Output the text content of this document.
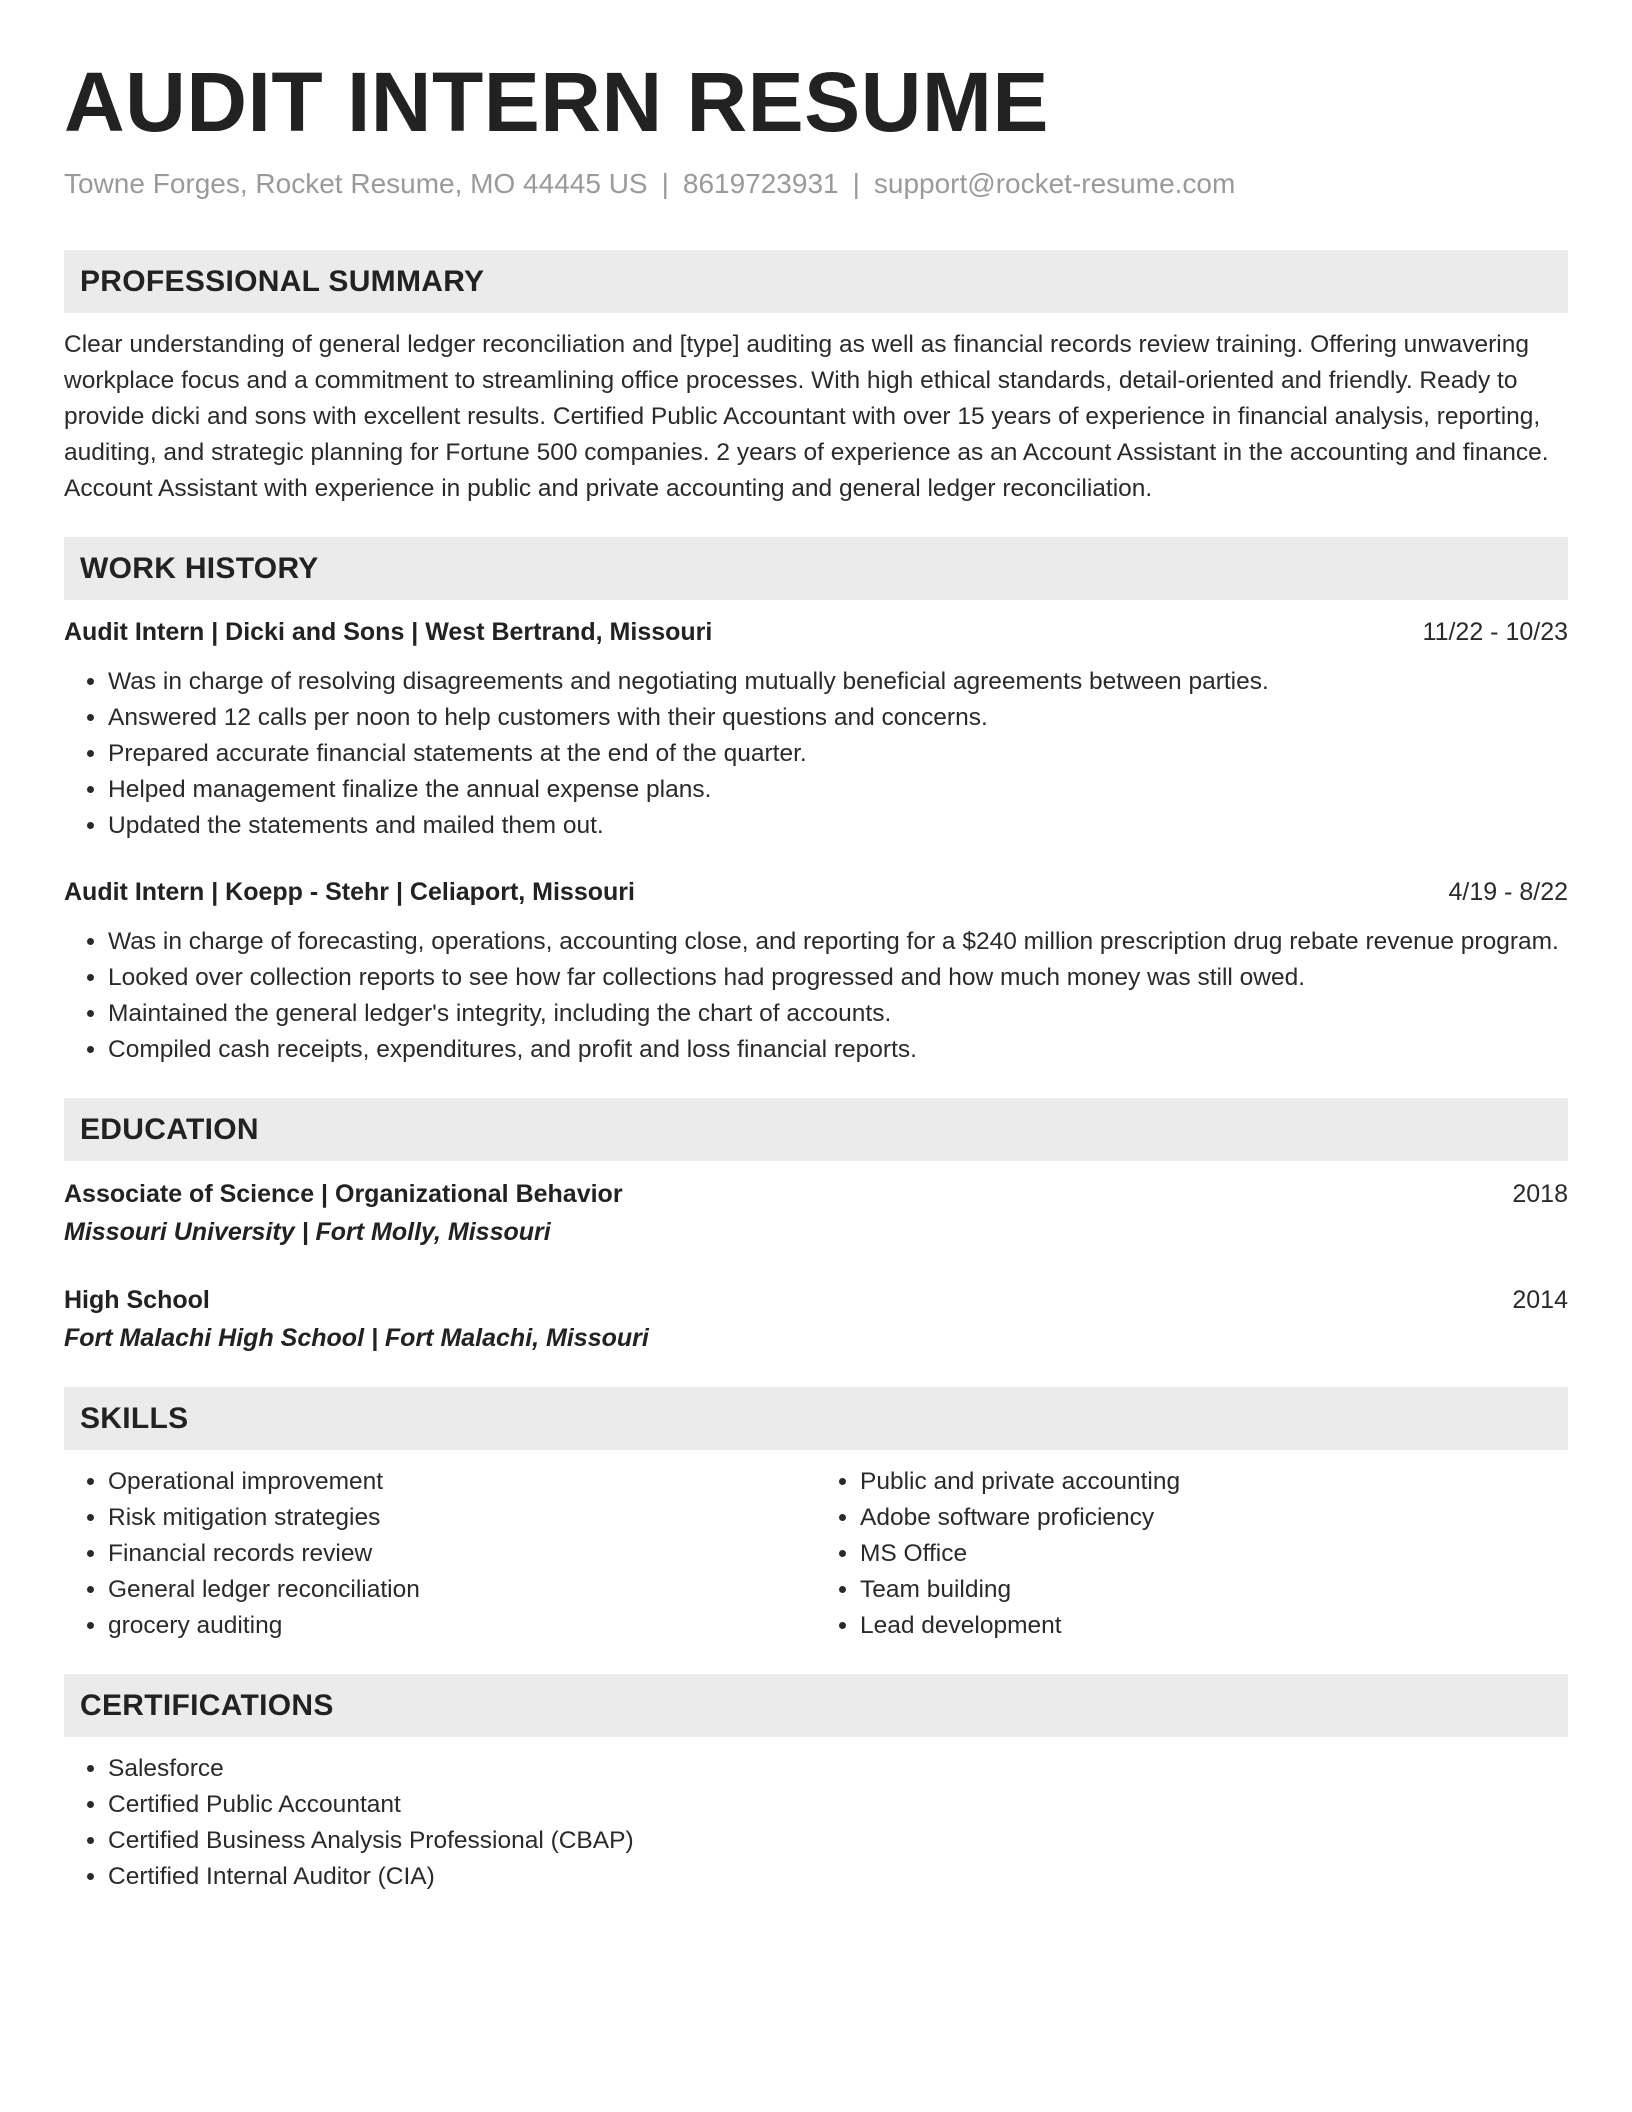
AUDIT INTERN RESUME
Towne Forges, Rocket Resume, MO 44445 US | 8619723931 | support@rocket-resume.com
PROFESSIONAL SUMMARY
Clear understanding of general ledger reconciliation and [type] auditing as well as financial records review training. Offering unwavering workplace focus and a commitment to streamlining office processes. With high ethical standards, detail-oriented and friendly. Ready to provide dicki and sons with excellent results. Certified Public Accountant with over 15 years of experience in financial analysis, reporting, auditing, and strategic planning for Fortune 500 companies. 2 years of experience as an Account Assistant in the accounting and finance. Account Assistant with experience in public and private accounting and general ledger reconciliation.
WORK HISTORY
Audit Intern | Dicki and Sons | West Bertrand, Missouri	11/22 - 10/23
• Was in charge of resolving disagreements and negotiating mutually beneficial agreements between parties.
• Answered 12 calls per noon to help customers with their questions and concerns.
• Prepared accurate financial statements at the end of the quarter.
• Helped management finalize the annual expense plans.
• Updated the statements and mailed them out.
Audit Intern | Koepp - Stehr | Celiaport, Missouri	4/19 - 8/22
• Was in charge of forecasting, operations, accounting close, and reporting for a $240 million prescription drug rebate revenue program.
• Looked over collection reports to see how far collections had progressed and how much money was still owed.
• Maintained the general ledger's integrity, including the chart of accounts.
• Compiled cash receipts, expenditures, and profit and loss financial reports.
EDUCATION
Associate of Science | Organizational Behavior	2018
Missouri University | Fort Molly, Missouri
High School	2014
Fort Malachi High School | Fort Malachi, Missouri
SKILLS
• Operational improvement
• Risk mitigation strategies
• Financial records review
• General ledger reconciliation
• grocery auditing
• Public and private accounting
• Adobe software proficiency
• MS Office
• Team building
• Lead development
CERTIFICATIONS
• Salesforce
• Certified Public Accountant
• Certified Business Analysis Professional (CBAP)
• Certified Internal Auditor (CIA)
